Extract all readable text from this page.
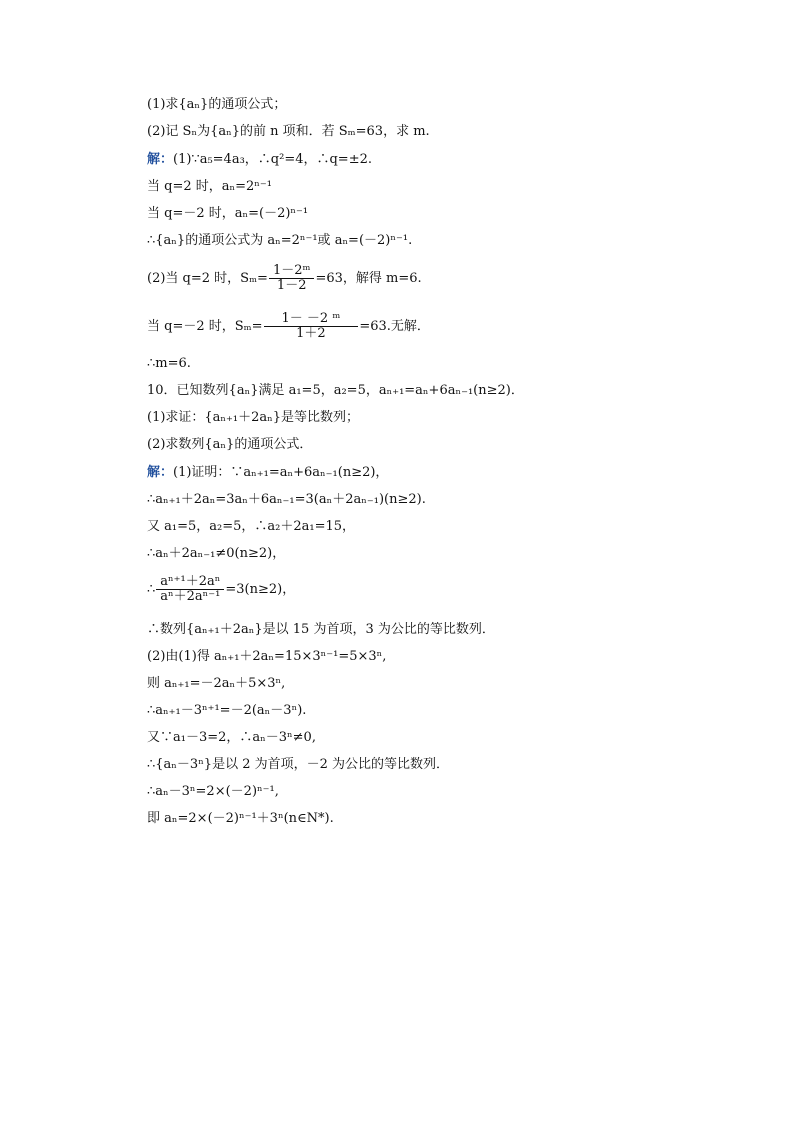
(1)求{aₙ}的通项公式；
(2)记 Sₙ为{aₙ}的前 n 项和．若 Sₘ=63，求 m.
解：(1)∵a₅=4a₃，∴q²=4，∴q=±2.
当 q=2 时，aₙ=2ⁿ⁻¹
当 q=－2 时，aₙ=(－2)ⁿ⁻¹
∴{aₙ}的通项公式为 aₙ=2ⁿ⁻¹或 aₙ=(－2)ⁿ⁻¹.
(2)当 q=2 时，$S_m= \frac{\text{1－2ᵐ}}{1-2} =63$，解得 m=6.
当 q=－2 时，$S_m= \frac{\text{1－ －2 ᵐ}}{1+2} =63$.无解．
∴m=6.
10．已知数列{aₙ}满足 a₁=5，a₂=5，aₙ₊₁=aₙ+6aₙ₋₁(n≥2)．
(1)求证：{aₙ₊₁＋2aₙ}是等比数列；
(2)求数列{aₙ}的通项公式．
解：(1)证明：∵aₙ₊₁=aₙ+6aₙ₋₁(n≥2)，
∴aₙ₊₁＋2aₙ=3aₙ＋6aₙ₋₁=3(aₙ＋2aₙ₋₁)(n≥2).
又 a₁=5，a₂=5，∴a₂＋2a₁=15，
∴aₙ＋2aₙ₋₁≠0(n≥2)，
∴ $\frac{\text{aⁿ⁺¹＋2aⁿ}}{\text{aⁿ＋2aⁿ⁻¹}} =3(n\ge 2)$，
∴数列{aₙ₊₁＋2aₙ}是以 15 为首项，3 为公比的等比数列．
(2)由(1)得 aₙ₊₁＋2aₙ=15×3ⁿ⁻¹=5×3ⁿ,
则 aₙ₊₁=－2aₙ＋5×3ⁿ,
∴aₙ₊₁－3ⁿ⁺¹=－2(aₙ－3ⁿ).
又∵a₁－3=2，∴aₙ－3ⁿ≠0,
∴{aₙ－3ⁿ}是以 2 为首项，－2 为公比的等比数列．
∴aₙ－3ⁿ=2×(－2)ⁿ⁻¹,
即 aₙ=2×(－2)ⁿ⁻¹＋3ⁿ(n∈N*).
